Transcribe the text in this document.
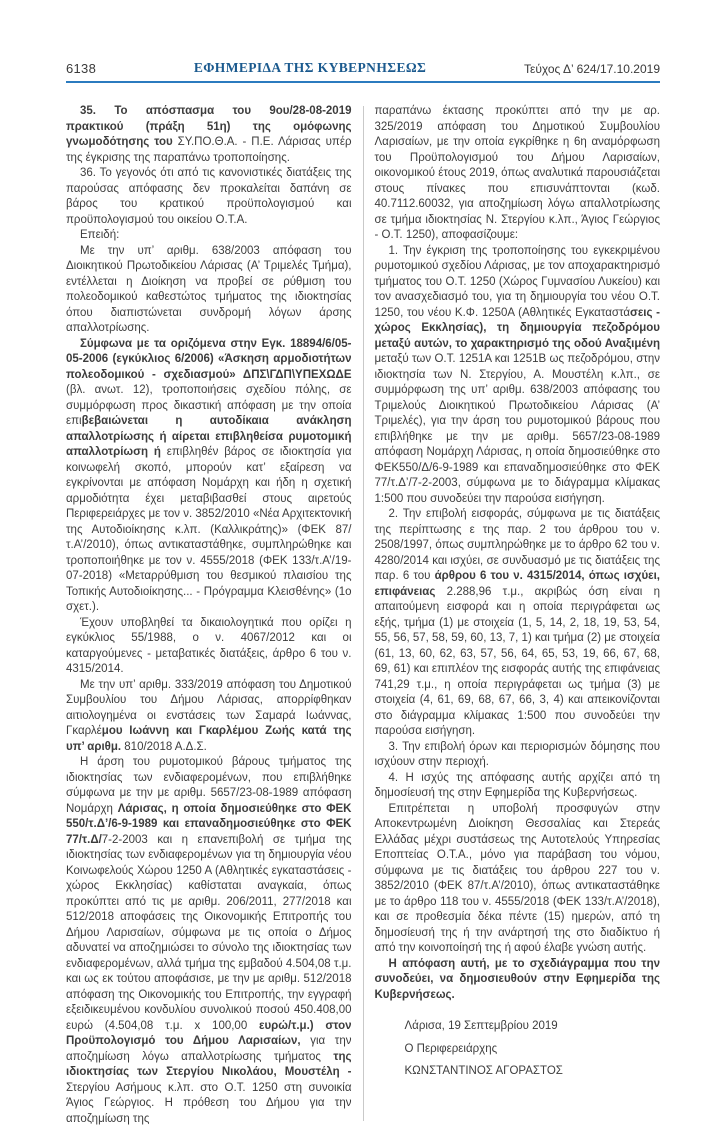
6138	ΕΦΗΜΕΡΙΔΑ ΤΗΣ ΚΥΒΕΡΝΗΣΕΩΣ	Τεύχος Δ’ 624/17.10.2019

35. Το απόσπασμα του 9ου/28-08-2019 πρακτικού (πράξη 51η) της ομόφωνης γνωμοδότησης του ΣΥ.ΠΟ.Θ.Α. - Π.Ε. Λάρισας υπέρ της έγκρισης της παραπάνω τροποποίησης.

36. Το γεγονός ότι από τις κανονιστικές διατάξεις της παρούσας απόφασης δεν προκαλείται δαπάνη σε βάρος του κρατικού προϋπολογισμού και προϋπολογισμού του οικείου Ο.Τ.Α.

Επειδή:

Με την υπ’ αριθμ. 638/2003 απόφαση του Διοικητικού Πρωτοδικείου Λάρισας (Α’ Τριμελές Τμήμα), εντέλλεται η Διοίκηση να προβεί σε ρύθμιση του πολεοδομικού καθεστώτος τμήματος της ιδιοκτησίας όπου διαπιστώνεται συνδρομή λόγων άρσης απαλλοτρίωσης.

Σύμφωνα με τα οριζόμενα στην Εγκ. 18894/6/05-05-2006 (εγκύκλιος 6/2006) «Άσκηση αρμοδιοτήτων πολεοδομικού - σχεδιασμού» ΔΠΣ\ΓΔΠ\ΥΠΕΧΩΔΕ (βλ. ανωτ. 12), τροποποιήσεις σχεδίου πόλης, σε συμμόρφωση προς δικαστική απόφαση με την οποία επιβεβαιώνεται η αυτοδίκαια ανάκληση απαλλοτρίωσης ή αίρεται επιβληθείσα ρυμοτομική απαλλοτρίωση ή επιβληθέν βάρος σε ιδιοκτησία για κοινωφελή σκοπό, μπορούν κατ’ εξαίρεση να εγκρίνονται με απόφαση Νομάρχη και ήδη η σχετική αρμοδιότητα έχει μεταβιβασθεί στους αιρετούς Περιφερειάρχες με τον ν. 3852/2010 «Νέα Αρχιτεκτονική της Αυτοδιοίκησης κ.λπ. (Καλλικράτης)» (ΦΕΚ 87/τ.Α’/2010), όπως αντικαταστάθηκε, συμπληρώθηκε και τροποποιήθηκε με τον ν. 4555/2018 (ΦΕΚ 133/τ.Α’/19-07-2018) «Μεταρρύθμιση του θεσμικού πλαισίου της Τοπικής Αυτοδιοίκησης... - Πρόγραμμα Κλεισθένης» (1ο σχετ.).

Έχουν υποβληθεί τα δικαιολογητικά που ορίζει η εγκύκλιος 55/1988, ο ν. 4067/2012 και οι καταργούμενες - μεταβατικές διατάξεις, άρθρο 6 του ν. 4315/2014.

Με την υπ’ αριθμ. 333/2019 απόφαση του Δημοτικού Συμβουλίου του Δήμου Λάρισας, απορρίφθηκαν αιτιολογημένα οι ενστάσεις των Σαμαρά Ιωάννας, Γκαρλέμου Ιωάννη και Γκαρλέμου Ζωής κατά της υπ’ αριθμ. 810/2018 Α.Δ.Σ.

Η άρση του ρυμοτομικού βάρους τμήματος της ιδιοκτησίας των ενδιαφερομένων, που επιβλήθηκε σύμφωνα με την με αριθμ. 5657/23-08-1989 απόφαση Νομάρχη Λάρισας, η οποία δημοσιεύθηκε στο ΦΕΚ 550/τ.Δ’/6-9-1989 και επαναδημοσιεύθηκε στο ΦΕΚ 77/τ.Δ/7-2-2003 και η επανεπιβολή σε τμήμα της ιδιοκτησίας των ενδιαφερομένων για τη δημιουργία νέου Κοινωφελούς Χώρου 1250 Α (Αθλητικές εγκαταστάσεις - χώρος Εκκλησίας) καθίσταται αναγκαία, όπως προκύπτει από τις με αριθμ. 206/2011, 277/2018 και 512/2018 αποφάσεις της Οικονομικής Επιτροπής του Δήμου Λαρισαίων, σύμφωνα με τις οποία ο Δήμος αδυνατεί να αποζημιώσει το σύνολο της ιδιοκτησίας των ενδιαφερομένων, αλλά τμήμα της εμβαδού 4.504,08 τ.μ. και ως εκ τούτου αποφάσισε, με την με αριθμ. 512/2018 απόφαση της Οικονομικής του Επιτροπής, την εγγραφή εξειδικευμένου κονδυλίου συνολικού ποσού 450.408,00 ευρώ (4.504,08 τ.μ. x 100,00 ευρώ/τ.μ.) στον Προϋπολογισμό του Δήμου Λαρισαίων, για την αποζημίωση λόγω απαλλοτρίωσης τμήματος της ιδιοκτησίας των Στεργίου Νικολάου, Μουστέλη - Στεργίου Ασήμους κ.λπ. στο Ο.Τ. 1250 στη συνοικία Άγιος Γεώργιος. Η πρόθεση του Δήμου για την αποζημίωση της

παραπάνω έκτασης προκύπτει από την με αρ. 325/2019 απόφαση του Δημοτικού Συμβουλίου Λαρισαίων, με την οποία εγκρίθηκε η 6η αναμόρφωση του Προϋπολογισμού του Δήμου Λαρισαίων, οικονομικού έτους 2019, όπως αναλυτικά παρουσιάζεται στους πίνακες που επισυνάπτονται (κωδ. 40.7112.60032, για αποζημίωση λόγω απαλλοτρίωσης σε τμήμα ιδιοκτησίας Ν. Στεργίου κ.λπ., Άγιος Γεώργιος - Ο.Τ. 1250), αποφασίζουμε:

1. Την έγκριση της τροποποίησης του εγκεκριμένου ρυμοτομικού σχεδίου Λάρισας, με τον αποχαρακτηρισμό τμήματος του Ο.Τ. 1250 (Χώρος Γυμνασίου Λυκείου) και τον ανασχεδιασμό του, για τη δημιουργία του νέου Ο.Τ. 1250, του νέου Κ.Φ. 1250Α (Αθλητικές Εγκαταστάσεις - χώρος Εκκλησίας), τη δημιουργία πεζοδρόμου μεταξύ αυτών, το χαρακτηρισμό της οδού Αναξιμένη μεταξύ των Ο.Τ. 1251Α και 1251Β ως πεζοδρόμου, στην ιδιοκτησία των Ν. Στεργίου, Α. Μουστέλη κ.λπ., σε συμμόρφωση της υπ’ αριθμ. 638/2003 απόφασης του Τριμελούς Διοικητικού Πρωτοδικείου Λάρισας (Α’ Τριμελές), για την άρση του ρυμοτομικού βάρους που επιβλήθηκε με την με αριθμ. 5657/23-08-1989 απόφαση Νομάρχη Λάρισας, η οποία δημοσιεύθηκε στο ΦΕΚ550/Δ/6-9-1989 και επαναδημοσιεύθηκε στο ΦΕΚ 77/τ.Δ’/7-2-2003, σύμφωνα με το διάγραμμα κλίμακας 1:500 που συνοδεύει την παρούσα εισήγηση.

2. Την επιβολή εισφοράς, σύμφωνα με τις διατάξεις της περίπτωσης ε της παρ. 2 του άρθρου του ν. 2508/1997, όπως συμπληρώθηκε με το άρθρο 62 του ν. 4280/2014 και ισχύει, σε συνδυασμό με τις διατάξεις της παρ. 6 του άρθρου 6 του ν. 4315/2014, όπως ισχύει, επιφάνειας 2.288,96 τ.μ., ακριβώς όση είναι η απαιτούμενη εισφορά και η οποία περιγράφεται ως εξής, τμήμα (1) με στοιχεία (1, 5, 14, 2, 18, 19, 53, 54, 55, 56, 57, 58, 59, 60, 13, 7, 1) και τμήμα (2) με στοιχεία (61, 13, 60, 62, 63, 57, 56, 64, 65, 53, 19, 66, 67, 68, 69, 61) και επιπλέον της εισφοράς αυτής της επιφάνειας 741,29 τ.μ., η οποία περιγράφεται ως τμήμα (3) με στοιχεία (4, 61, 69, 68, 67, 66, 3, 4) και απεικονίζονται στο διάγραμμα κλίμακας 1:500 που συνοδεύει την παρούσα εισήγηση.

3. Την επιβολή όρων και περιορισμών δόμησης που ισχύουν στην περιοχή.

4. Η ισχύς της απόφασης αυτής αρχίζει από τη δημοσίευσή της στην Εφημερίδα της Κυβερνήσεως.

Επιτρέπεται η υποβολή προσφυγών στην Αποκεντρωμένη Διοίκηση Θεσσαλίας και Στερεάς Ελλάδας μέχρι συστάσεως της Αυτοτελούς Υπηρεσίας Εποπτείας Ο.Τ.Α., μόνο για παράβαση του νόμου, σύμφωνα με τις διατάξεις του άρθρου 227 του ν. 3852/2010 (ΦΕΚ 87/τ.Α’/2010), όπως αντικαταστάθηκε με το άρθρο 118 του ν. 4555/2018 (ΦΕΚ 133/τ.Α’/2018), και σε προθεσμία δέκα πέντε (15) ημερών, από τη δημοσίευσή της ή την ανάρτησή της στο διαδίκτυο ή από την κοινοποίησή της ή αφού έλαβε γνώση αυτής.

Η απόφαση αυτή, με το σχεδιάγραμμα που την συνοδεύει, να δημοσιευθούν στην Εφημερίδα της Κυβερνήσεως.

Λάρισα, 19 Σεπτεμβρίου 2019
Ο Περιφερειάρχης
ΚΩΝΣΤΑΝΤΙΝΟΣ ΑΓΟΡΑΣΤΟΣ
